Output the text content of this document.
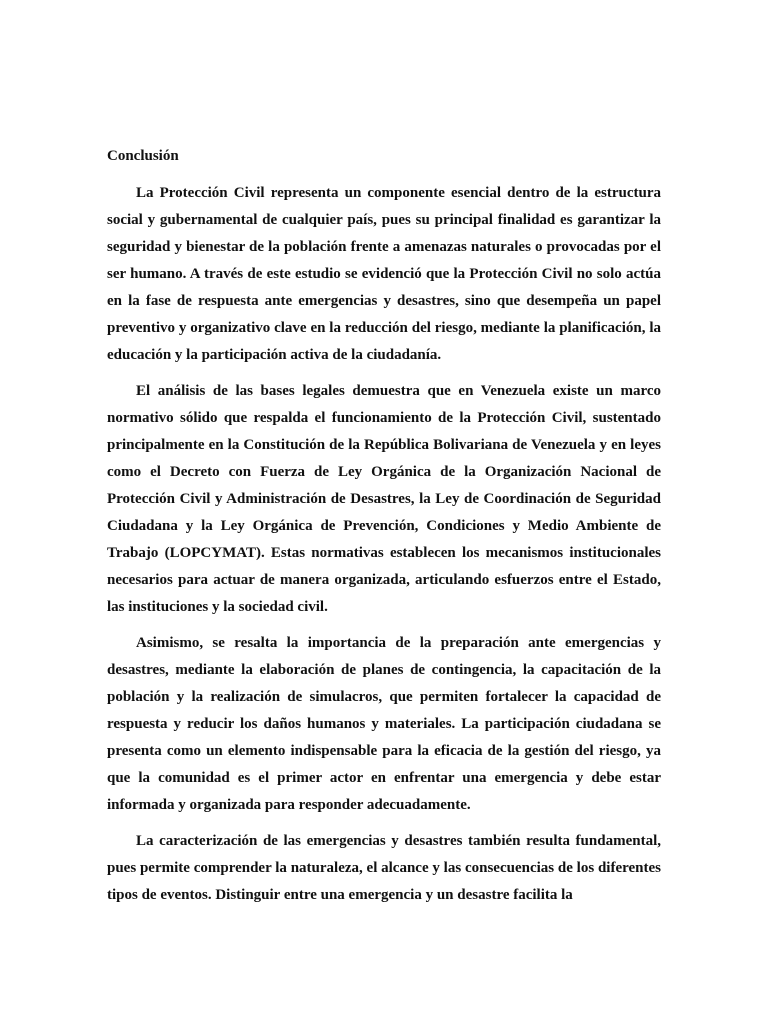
Conclusión

La Protección Civil representa un componente esencial dentro de la estructura social y gubernamental de cualquier país, pues su principal finalidad es garantizar la seguridad y bienestar de la población frente a amenazas naturales o provocadas por el ser humano. A través de este estudio se evidenció que la Protección Civil no solo actúa en la fase de respuesta ante emergencias y desastres, sino que desempeña un papel preventivo y organizativo clave en la reducción del riesgo, mediante la planificación, la educación y la participación activa de la ciudadanía.

El análisis de las bases legales demuestra que en Venezuela existe un marco normativo sólido que respalda el funcionamiento de la Protección Civil, sustentado principalmente en la Constitución de la República Bolivariana de Venezuela y en leyes como el Decreto con Fuerza de Ley Orgánica de la Organización Nacional de Protección Civil y Administración de Desastres, la Ley de Coordinación de Seguridad Ciudadana y la Ley Orgánica de Prevención, Condiciones y Medio Ambiente de Trabajo (LOPCYMAT). Estas normativas establecen los mecanismos institucionales necesarios para actuar de manera organizada, articulando esfuerzos entre el Estado, las instituciones y la sociedad civil.

Asimismo, se resalta la importancia de la preparación ante emergencias y desastres, mediante la elaboración de planes de contingencia, la capacitación de la población y la realización de simulacros, que permiten fortalecer la capacidad de respuesta y reducir los daños humanos y materiales. La participación ciudadana se presenta como un elemento indispensable para la eficacia de la gestión del riesgo, ya que la comunidad es el primer actor en enfrentar una emergencia y debe estar informada y organizada para responder adecuadamente.

La caracterización de las emergencias y desastres también resulta fundamental, pues permite comprender la naturaleza, el alcance y las consecuencias de los diferentes tipos de eventos. Distinguir entre una emergencia y un desastre facilita la
